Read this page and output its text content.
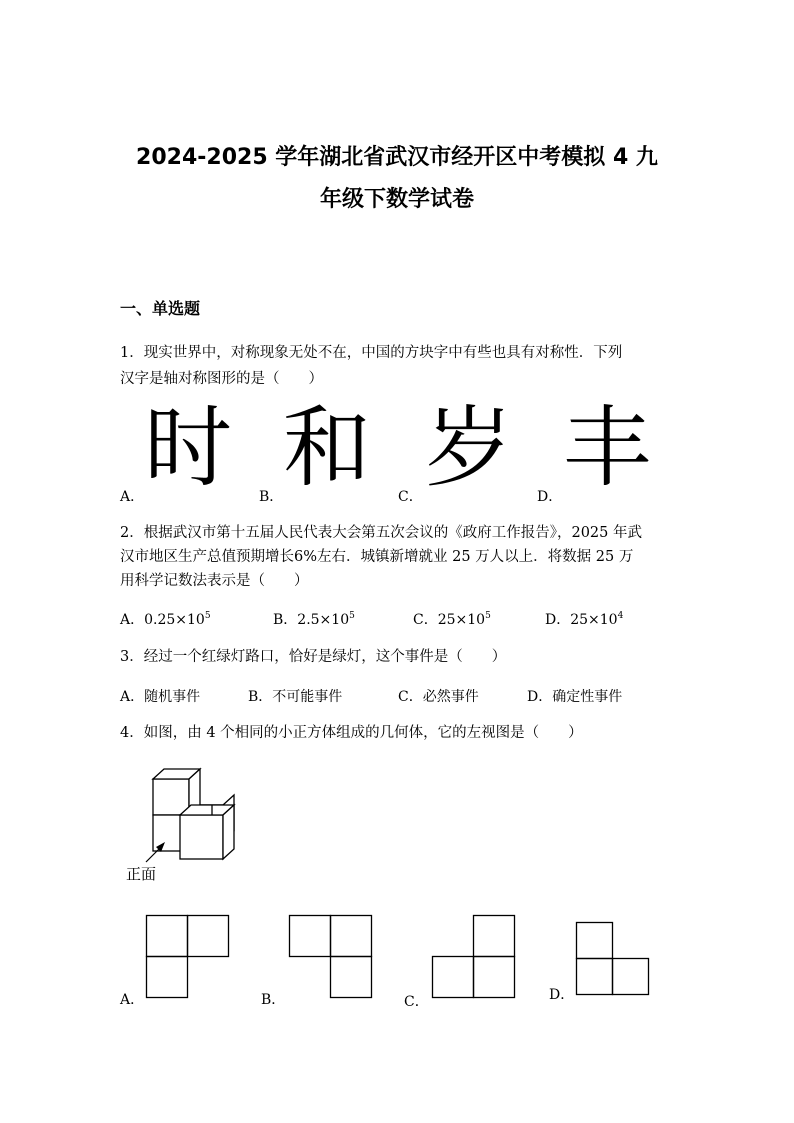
2024-2025 学年湖北省武汉市经开区中考模拟 4 九
年级下数学试卷
一、单选题
1．现实世界中，对称现象无处不在，中国的方块字中有些也具有对称性．下列
汉字是轴对称图形的是（　　）
时 和 岁 丰
A．	B．	C．	D．
2．根据武汉市第十五届人民代表大会第五次会议的《政府工作报告》，2025 年武
汉市地区生产总值预期增长6%左右．城镇新增就业 25 万人以上．将数据 25 万
用科学记数法表示是（　　）
A．$0.25\times 10^5$	B．$2.5\times 10^5$	C．$25\times 10^5$	D．$25\times 10^4$
3．经过一个红绿灯路口，恰好是绿灯，这个事件是（　　）
A．随机事件	B．不可能事件	C．必然事件	D．确定性事件
4．如图，由 4 个相同的小正方体组成的几何体，它的左视图是（　　）
正面
A．	B．	C．	D．
